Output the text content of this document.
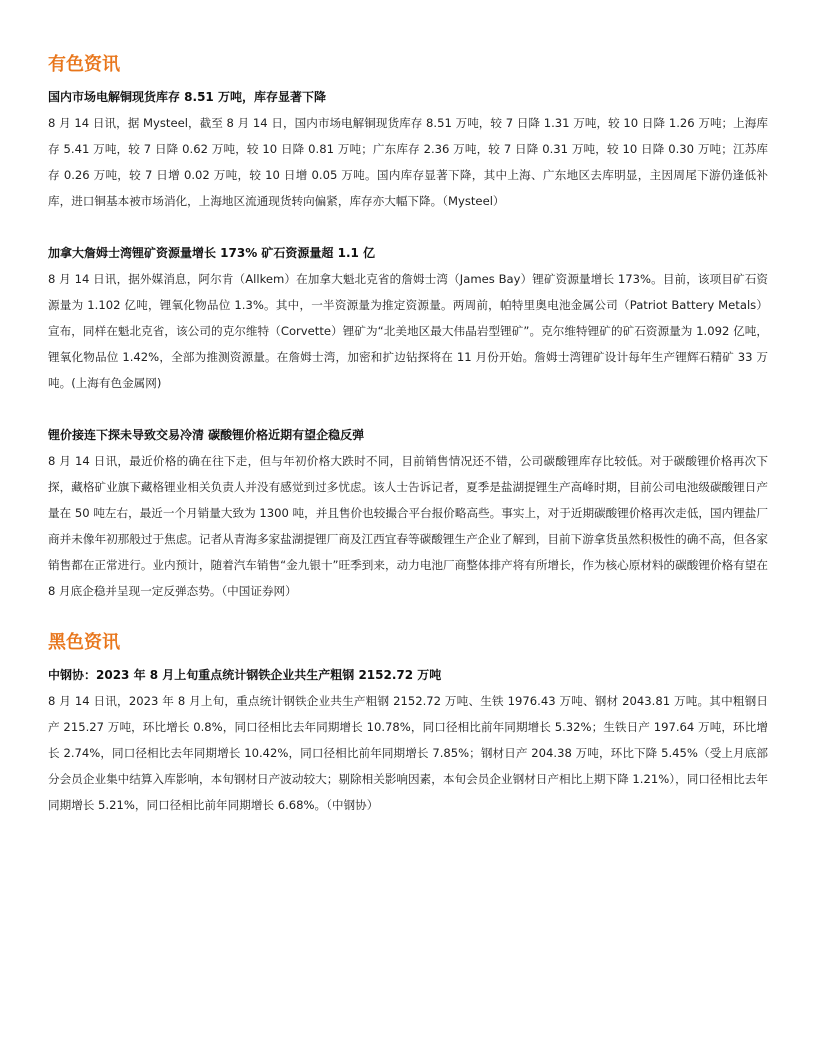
有色资讯
国内市场电解铜现货库存 8.51 万吨，库存显著下降

8 月 14 日讯，据 Mysteel，截至 8 月 14 日，国内市场电解铜现货库存 8.51 万吨，较 7 日降 1.31 万吨，较 10 日降 1.26 万吨；上海库存 5.41 万吨，较 7 日降 0.62 万吨，较 10 日降 0.81 万吨；广东库存 2.36 万吨，较 7 日降 0.31 万吨，较 10 日降 0.30 万吨；江苏库存 0.26 万吨，较 7 日增 0.02 万吨，较 10 日增 0.05 万吨。国内库存显著下降，其中上海、广东地区去库明显，主因周尾下游仍逢低补库，进口铜基本被市场消化，上海地区流通现货转向偏紧，库存亦大幅下降。（Mysteel）

加拿大詹姆士湾锂矿资源量增长 173% 矿石资源量超 1.1 亿

8 月 14 日讯，据外媒消息，阿尔肯（Allkem）在加拿大魁北克省的詹姆士湾（James Bay）锂矿资源量增长 173%。目前，该项目矿石资源量为 1.102 亿吨，锂氧化物品位 1.3%。其中，一半资源量为推定资源量。两周前，帕特里奥电池金属公司（Patriot Battery Metals）宣布，同样在魁北克省，该公司的克尔维特（Corvette）锂矿为“北美地区最大伟晶岩型锂矿”。克尔维特锂矿的矿石资源量为 1.092 亿吨，锂氧化物品位 1.42%，全部为推测资源量。在詹姆士湾，加密和扩边钻探将在 11 月份开始。詹姆士湾锂矿设计每年生产锂辉石精矿 33 万吨。(上海有色金属网)

锂价接连下探未导致交易冷清 碳酸锂价格近期有望企稳反弹

8 月 14 日讯，最近价格的确在往下走，但与年初价格大跌时不同，目前销售情况还不错，公司碳酸锂库存比较低。对于碳酸锂价格再次下探，藏格矿业旗下藏格锂业相关负责人并没有感觉到过多忧虑。该人士告诉记者，夏季是盐湖提锂生产高峰时期，目前公司电池级碳酸锂日产量在 50 吨左右，最近一个月销量大致为 1300 吨，并且售价也较撮合平台报价略高些。事实上，对于近期碳酸锂价格再次走低，国内锂盐厂商并未像年初那般过于焦虑。记者从青海多家盐湖提锂厂商及江西宜春等碳酸锂生产企业了解到，目前下游拿货虽然积极性的确不高，但各家销售都在正常进行。业内预计，随着汽车销售“金九银十”旺季到来，动力电池厂商整体排产将有所增长，作为核心原材料的碳酸锂价格有望在 8 月底企稳并呈现一定反弹态势。（中国证券网）

黑色资讯
中钢协：2023 年 8 月上旬重点统计钢铁企业共生产粗钢 2152.72 万吨

8 月 14 日讯，2023 年 8 月上旬，重点统计钢铁企业共生产粗钢 2152.72 万吨、生铁 1976.43 万吨、钢材 2043.81 万吨。其中粗钢日产 215.27 万吨，环比增长 0.8%，同口径相比去年同期增长 10.78%，同口径相比前年同期增长 5.32%；生铁日产 197.64 万吨，环比增长 2.74%，同口径相比去年同期增长 10.42%，同口径相比前年同期增长 7.85%；钢材日产 204.38 万吨，环比下降 5.45%（受上月底部分会员企业集中结算入库影响，本旬钢材日产波动较大；剔除相关影响因素，本旬会员企业钢材日产相比上期下降 1.21%），同口径相比去年同期增长 5.21%，同口径相比前年同期增长 6.68%。（中钢协）
